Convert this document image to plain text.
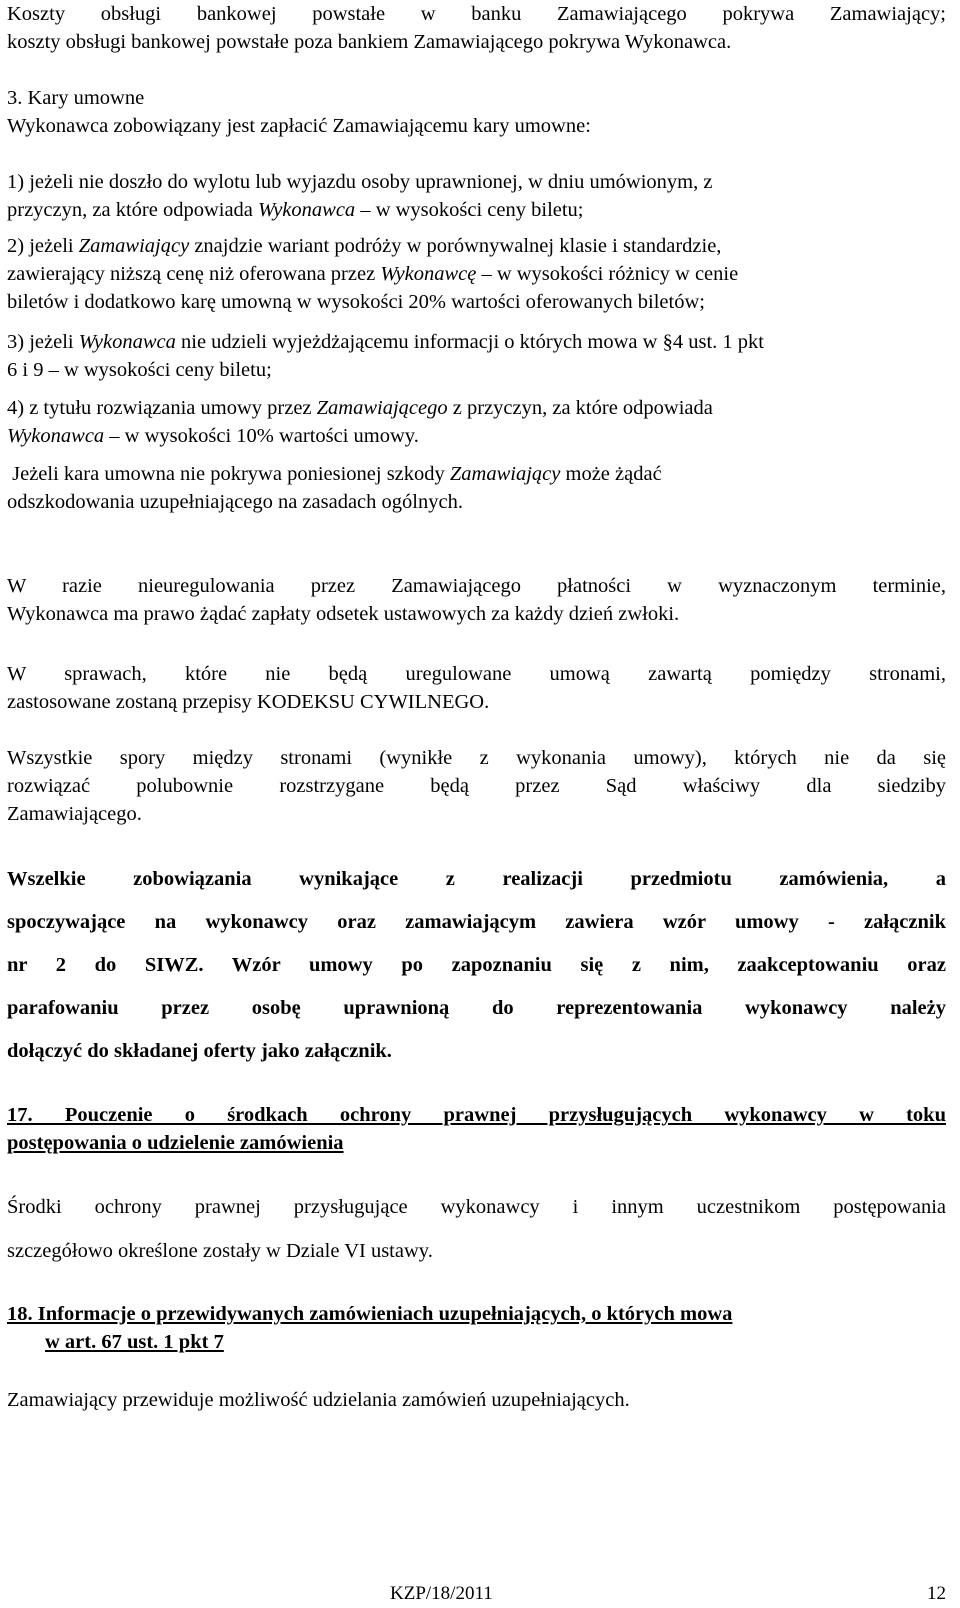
Koszty obsługi bankowej powstałe w banku Zamawiającego pokrywa Zamawiający;
koszty obsługi bankowej powstałe poza bankiem Zamawiającego pokrywa Wykonawca.
3. Kary umowne
Wykonawca zobowiązany jest zapłacić Zamawiającemu kary umowne:
1) jeżeli nie doszło do wylotu lub wyjazdu osoby uprawnionej, w dniu umówionym, z
przyczyn, za które odpowiada Wykonawca – w wysokości ceny biletu;
2) jeżeli Zamawiający znajdzie wariant podróży w porównywalnej klasie i standardzie,
zawierający niższą cenę niż oferowana przez Wykonawcę – w wysokości różnicy w cenie
biletów i dodatkowo karę umowną w wysokości 20% wartości oferowanych biletów;
3) jeżeli Wykonawca nie udzieli wyjeżdżającemu informacji o których mowa w §4 ust. 1 pkt
6 i 9 – w wysokości ceny biletu;
4) z tytułu rozwiązania umowy przez Zamawiającego z przyczyn, za które odpowiada
Wykonawca – w wysokości 10% wartości umowy.
Jeżeli kara umowna nie pokrywa poniesionej szkody Zamawiający może żądać
odszkodowania uzupełniającego na zasadach ogólnych.
W razie nieuregulowania przez Zamawiającego płatności w wyznaczonym terminie,
Wykonawca ma prawo żądać zapłaty odsetek ustawowych za każdy dzień zwłoki.
W sprawach, które nie będą uregulowane umową zawartą pomiędzy stronami,
zastosowane zostaną przepisy KODEKSU CYWILNEGO.
Wszystkie spory między stronami (wynikłe z wykonania umowy), których nie da się
rozwiązać polubownie rozstrzygane będą przez Sąd właściwy dla siedziby
Zamawiającego.
Wszelkie zobowiązania wynikające z realizacji przedmiotu zamówienia, a
spoczywające na wykonawcy oraz zamawiającym zawiera wzór umowy - załącznik
nr 2 do SIWZ. Wzór umowy po zapoznaniu się z nim, zaakceptowaniu oraz
parafowaniu przez osobę uprawnioną do reprezentowania wykonawcy należy
dołączyć do składanej oferty jako załącznik.
17. Pouczenie o środkach ochrony prawnej przysługujących wykonawcy w toku
postępowania o udzielenie zamówienia
Środki ochrony prawnej przysługujące wykonawcy i innym uczestnikom postępowania
szczegółowo określone zostały w Dziale VI ustawy.
18. Informacje o przewidywanych zamówieniach uzupełniających, o których mowa
w art. 67 ust. 1 pkt 7
Zamawiający przewiduje możliwość udzielania zamówień uzupełniających.
KZP/18/2011	12
